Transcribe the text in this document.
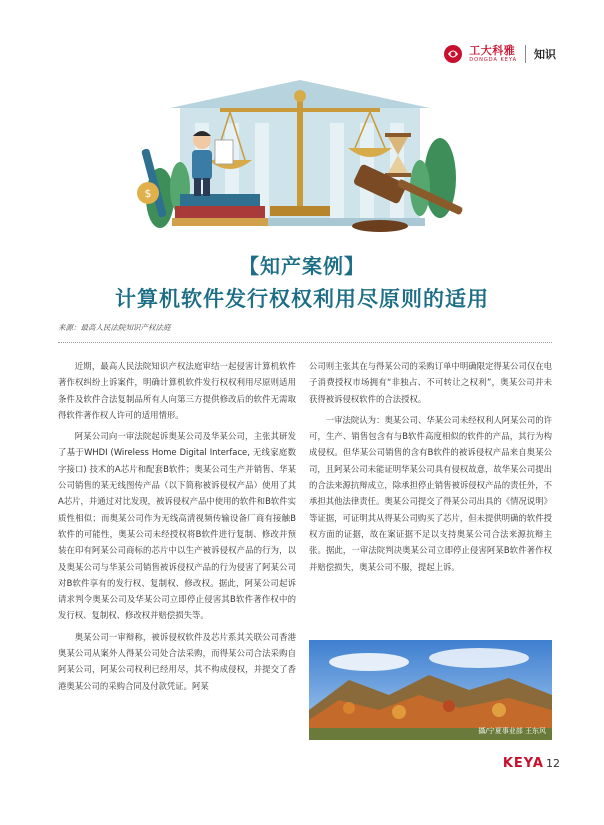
工大科雅
DONGDA KEYA 知识
$
【知产案例】
计算机软件发行权权利用尽原则的适用
来源：最高人民法院知识产权法庭

近期，最高人民法院知识产权法庭审结一起侵害计算机软件著作权纠纷上诉案件，明确计算机软件发行权权利用尽原则适用条件及软件合法复制品所有人向第三方提供修改后的软件无需取得软件著作权人许可的适用情形。

阿某公司向一审法院起诉奥某公司及华某公司，主张其研发了基于WHDI (Wireless Home Digital Interface, 无线家庭数字接口) 技术的A芯片和配套B软件；奥某公司生产并销售、华某公司销售的某无线图传产品（以下简称被诉侵权产品）使用了其A芯片，并通过对比发现，被诉侵权产品中使用的软件和B软件实质性相似；而奥某公司作为无线高清视频传输设备厂商有接触B软件的可能性，奥某公司未经授权将B软件进行复制、修改并预装在印有阿某公司商标的芯片中以生产被诉侵权产品的行为，以及奥某公司与华某公司销售被诉侵权产品的行为侵害了阿某公司对B软件享有的发行权、复制权、修改权。据此，阿某公司起诉请求判令奥某公司及华某公司立即停止侵害其B软件著作权中的发行权、复制权、修改权并赔偿损失等。

奥某公司一审辩称，被诉侵权软件及芯片系其关联公司香港奥某公司从案外人得某公司处合法采购，而得某公司合法采购自阿某公司，阿某公司权利已经用尽，其不构成侵权，并提交了香港奥某公司的采购合同及付款凭证。阿某

公司则主张其在与得某公司的采购订单中明确限定得某公司仅在电子消费授权市场拥有“非独占、不可转让之权利”，奥某公司并未获得被诉侵权软件的合法授权。

一审法院认为：奥某公司、华某公司未经权利人阿某公司的许可，生产、销售包含有与B软件高度相似的软件的产品，其行为构成侵权。但华某公司销售的含有B软件的被诉侵权产品来自奥某公司，且阿某公司未能证明华某公司具有侵权故意，故华某公司提出的合法来源抗辩成立，除承担停止销售被诉侵权产品的责任外，不承担其他法律责任。奥某公司提交了得某公司出具的《情况说明》等证据，可证明其从得某公司购买了芯片，但未提供明确的软件授权方面的证据，故在案证据不足以支持奥某公司合法来源抗辩主张。据此，一审法院判决奥某公司立即停止侵害阿某B软件著作权并赔偿损失，奥某公司不服，提起上诉。

攝/宁夏事业部 王东风
KEYA 12
